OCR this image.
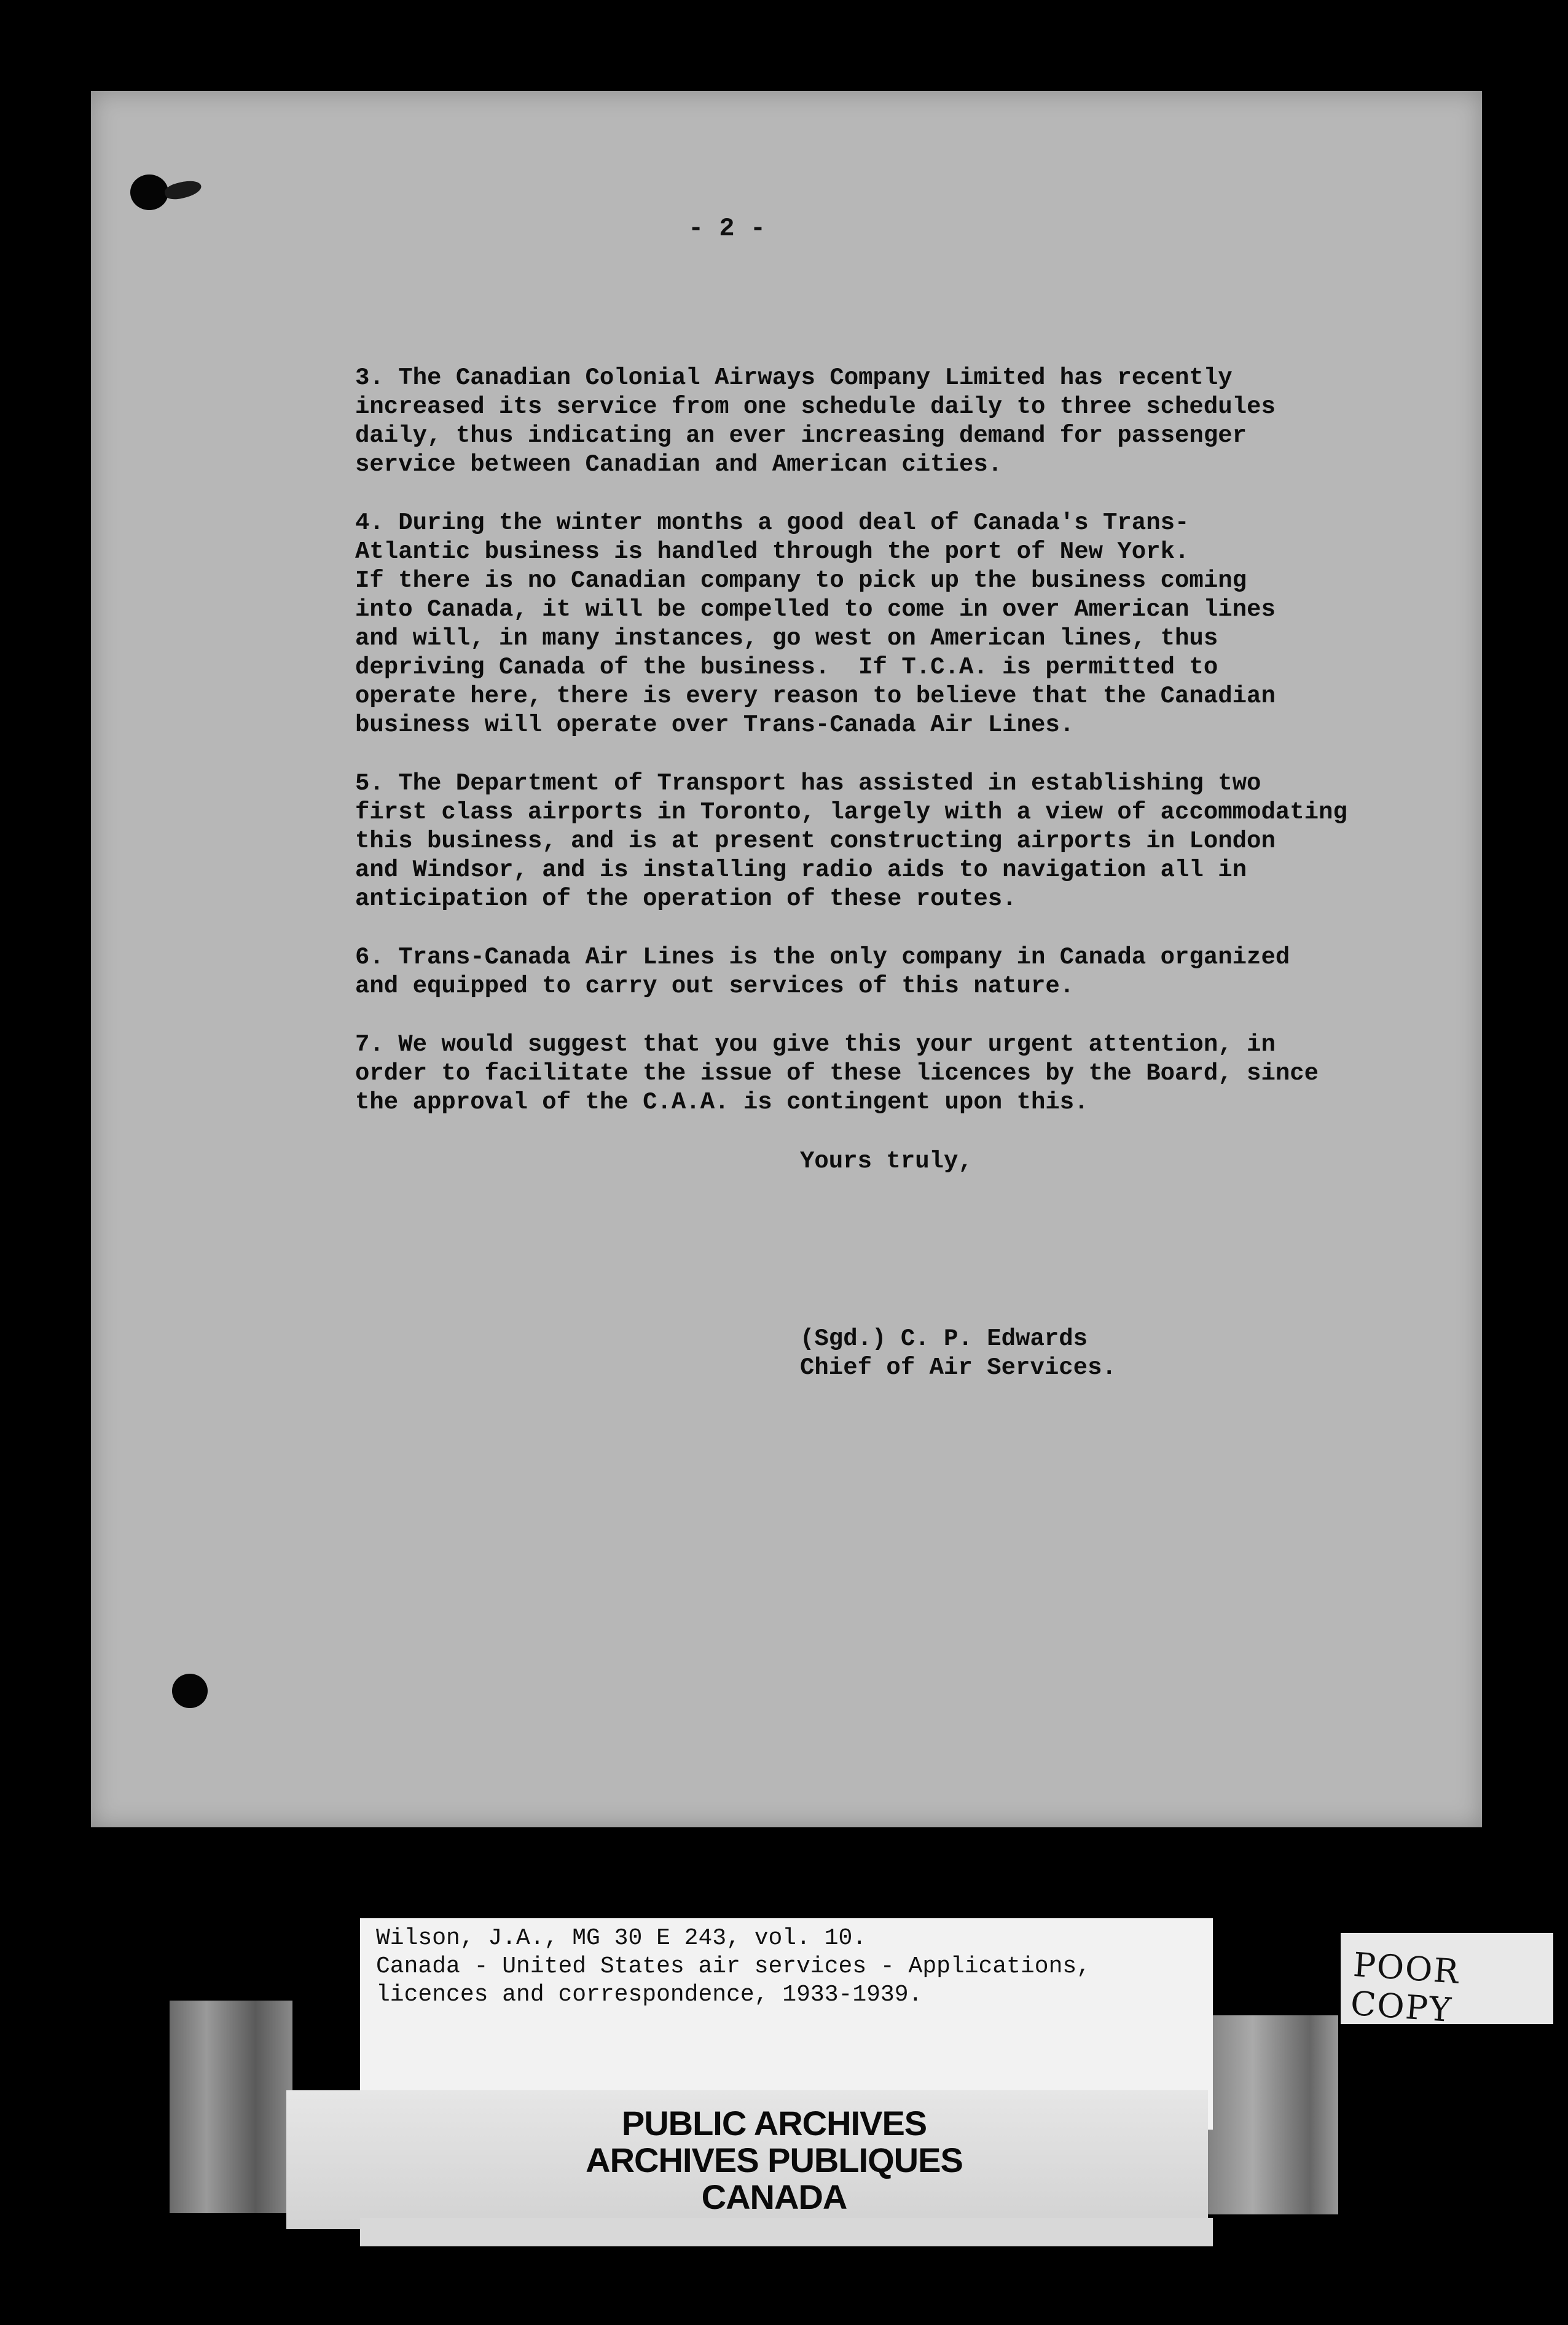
- 2 -

3. The Canadian Colonial Airways Company Limited has recently
increased its service from one schedule daily to three schedules
daily, thus indicating an ever increasing demand for passenger
service between Canadian and American cities.

4. During the winter months a good deal of Canada's Trans-
Atlantic business is handled through the port of New York.
If there is no Canadian company to pick up the business coming
into Canada, it will be compelled to come in over American lines
and will, in many instances, go west on American lines, thus
depriving Canada of the business.  If T.C.A. is permitted to
operate here, there is every reason to believe that the Canadian
business will operate over Trans-Canada Air Lines.

5. The Department of Transport has assisted in establishing two
first class airports in Toronto, largely with a view of accommodating
this business, and is at present constructing airports in London
and Windsor, and is installing radio aids to navigation all in
anticipation of the operation of these routes.

6. Trans-Canada Air Lines is the only company in Canada organized
and equipped to carry out services of this nature.

7. We would suggest that you give this your urgent attention, in
order to facilitate the issue of these licences by the Board, since
the approval of the C.A.A. is contingent upon this.

Yours truly,
(Sgd.) C. P. Edwards
Chief of Air Services.
Wilson, J.A., MG 30 E 243, vol. 10.
Canada - United States air services - Applications,
licences and correspondence, 1933-1939.
PUBLIC ARCHIVES
ARCHIVES PUBLIQUES
CANADA
POOR COPY
